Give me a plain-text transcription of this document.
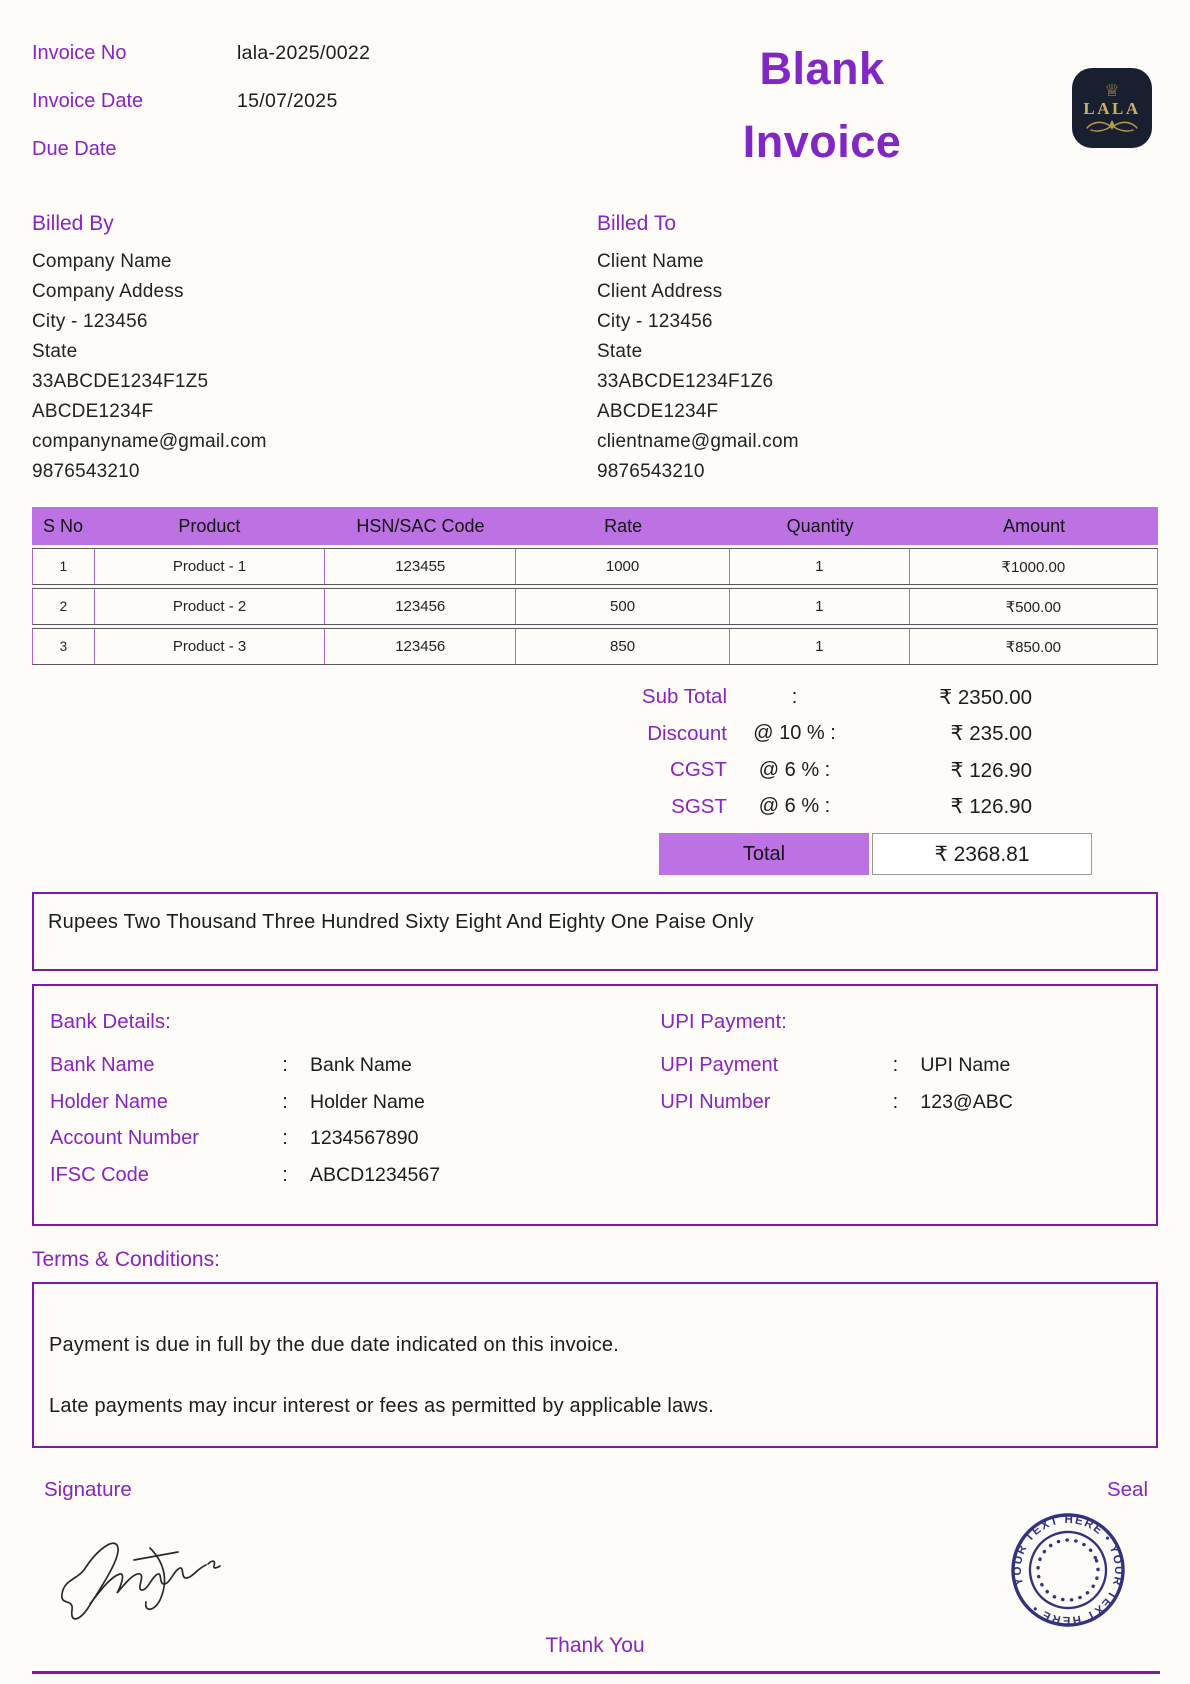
Invoice No	lala-2025/0022
Invoice Date	15/07/2025
Due Date
Blank
Invoice
♕
LALA
Billed By
Company Name
Company Addess
City - 123456
State
33ABCDE1234F1Z5
ABCDE1234F
companyname@gmail.com
9876543210
Billed To
Client Name
Client Address
City - 123456
State
33ABCDE1234F1Z6
ABCDE1234F
clientname@gmail.com
9876543210
S No	Product	HSN/SAC Code	Rate	Quantity	Amount
1	Product - 1	123455	1000	1	₹1000.00
2	Product - 2	123456	500	1	₹500.00
3	Product - 3	123456	850	1	₹850.00
Sub Total	:	₹ 2350.00
Discount	@ 10 % :	₹ 235.00
CGST	@ 6 % :	₹ 126.90
SGST	@ 6 % :	₹ 126.90
Total	₹ 2368.81
Rupees Two Thousand Three Hundred Sixty Eight And Eighty One Paise Only
Bank Details:
Bank Name	:	Bank Name
Holder Name	:	Holder Name
Account Number	:	1234567890
IFSC Code	:	ABCD1234567
UPI Payment:
UPI Payment	:	UPI Name
UPI Number	:	123@ABC
Terms & Conditions:
Payment is due in full by the due date indicated on this invoice.
Late payments may incur interest or fees as permitted by applicable laws.
Signature	Seal
YOUR TEXT HERE • YOUR TEXT HERE •
Thank You
